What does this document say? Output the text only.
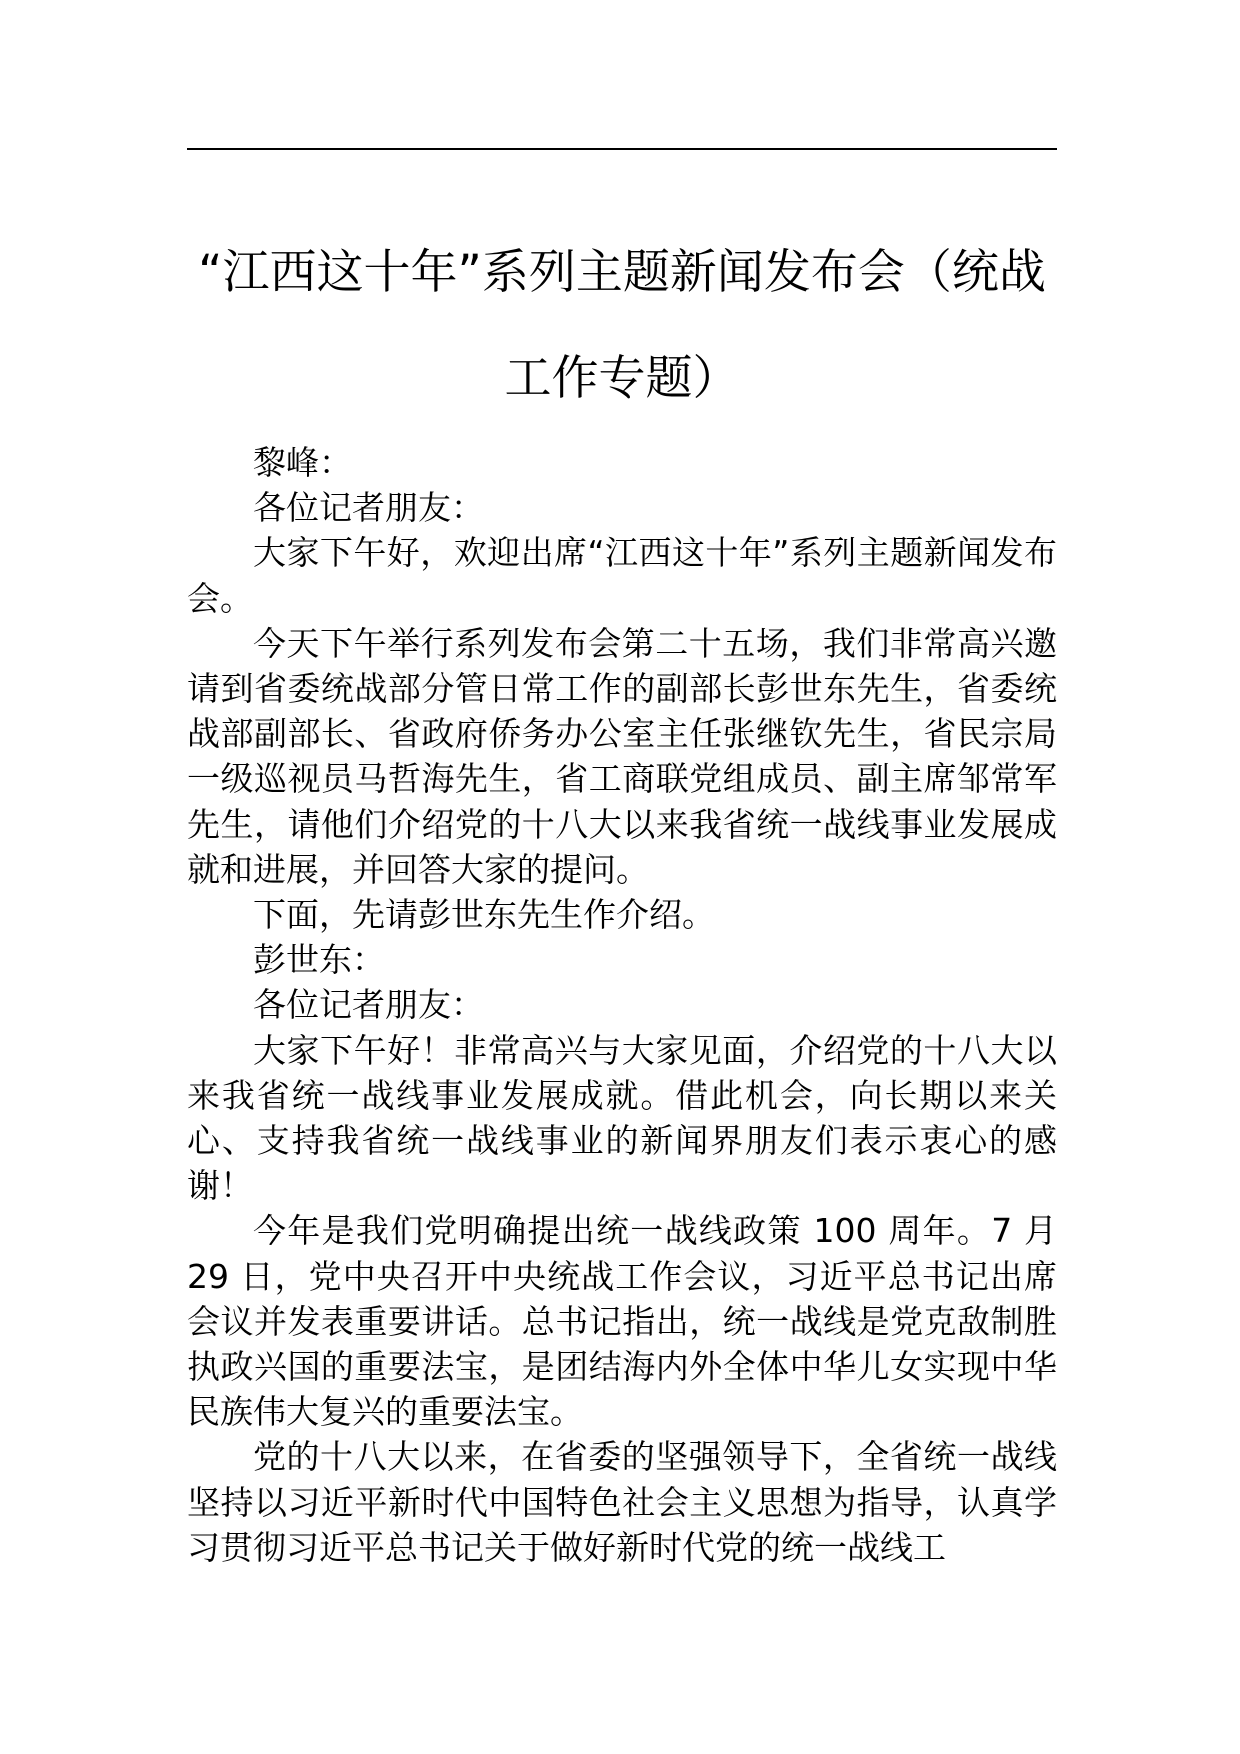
“江西这十年”系列主题新闻发布会（统战
工作专题）

黎峰：

各位记者朋友：

大家下午好，欢迎出席“江西这十年”系列主题新闻发布会。

今天下午举行系列发布会第二十五场，我们非常高兴邀请到省委统战部分管日常工作的副部长彭世东先生，省委统战部副部长、省政府侨务办公室主任张继钦先生，省民宗局一级巡视员马哲海先生，省工商联党组成员、副主席邹常军先生，请他们介绍党的十八大以来我省统一战线事业发展成就和进展，并回答大家的提问。

下面，先请彭世东先生作介绍。

彭世东：

各位记者朋友：

大家下午好！非常高兴与大家见面，介绍党的十八大以来我省统一战线事业发展成就。借此机会，向长期以来关心、支持我省统一战线事业的新闻界朋友们表示衷心的感谢！

今年是我们党明确提出统一战线政策 100 周年。7 月 29 日，党中央召开中央统战工作会议，习近平总书记出席会议并发表重要讲话。总书记指出，统一战线是党克敌制胜执政兴国的重要法宝，是团结海内外全体中华儿女实现中华民族伟大复兴的重要法宝。

党的十八大以来，在省委的坚强领导下，全省统一战线坚持以习近平新时代中国特色社会主义思想为指导，认真学习贯彻习近平总书记关于做好新时代党的统一战线工
